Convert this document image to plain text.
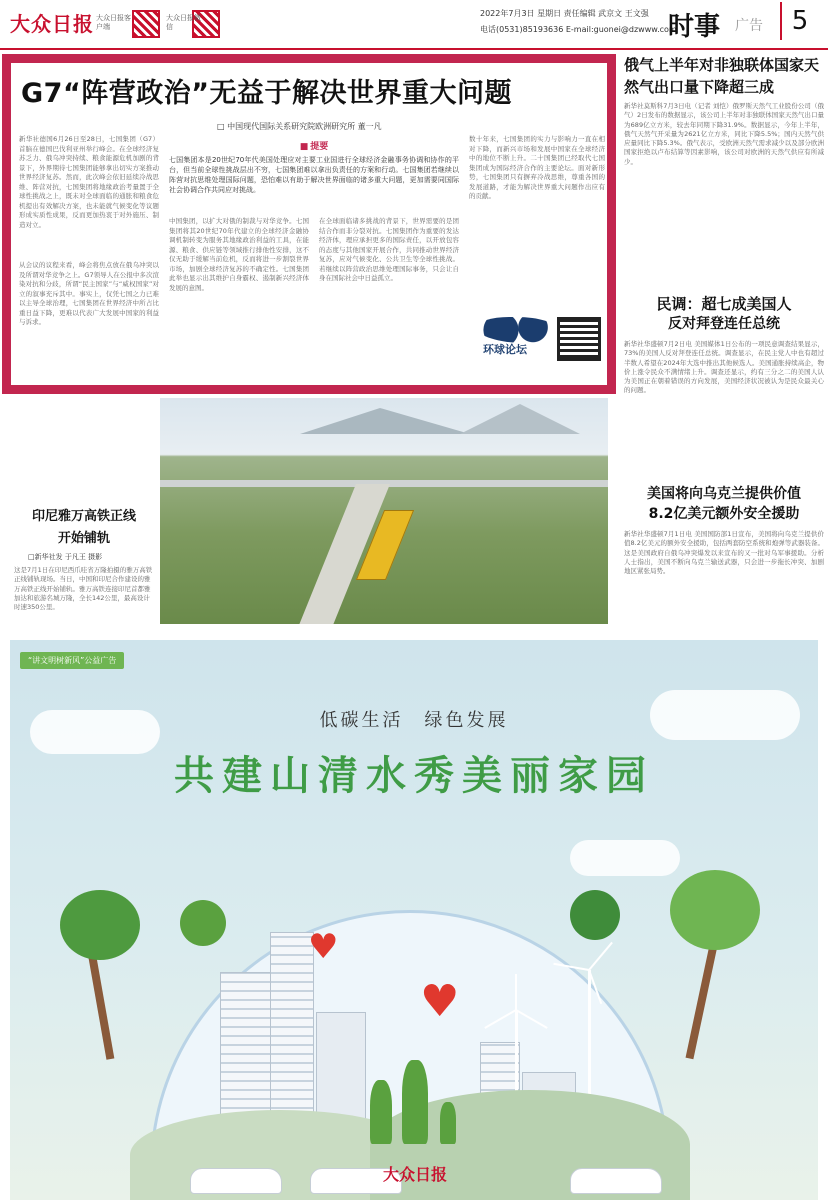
大众日报 大众日报客户端
大众日报微信
2022年7月3日 星期日 责任编辑 武京文 王文强
电话(0531)85193636 E-mail:guonei@dzwww.com
时事 广告	5
G7“阵营政治”无益于解决世界重大问题
□ 中国现代国际关系研究院欧洲研究所 董一凡
■ 提要
七国集团本是20世纪70年代美国处理应对主要工业国进行全球经济金融事务协调和协作的平台，但当前全球性挑战层出不穷，七国集团难以拿出负责任的方案和行动。七国集团若继续以阵营对抗思维处理国际问题，恐怕难以有助于解决世界面临的诸多重大问题，更加需要同国际社会协调合作共同应对挑战。
新华社德国6月26日至28日，七国集团（G7）首脑在德国巴伐利亚州举行峰会。在全球经济复苏乏力、俄乌冲突持续、粮食能源危机加剧的背景下，外界期待七国集团能够拿出切实方案推动世界经济复苏。然而，此次峰会依旧延续冷战思维、阵营对抗，七国集团将地缘政治考量置于全球性挑战之上，既未对全球面临的通胀和粮食危机提出有效解决方案，也未能就气候变化等议题形成实质性成果，反而更加热衷于对外施压、制造对立。
从会议的议程来看，峰会将焦点放在俄乌冲突以及所谓对华竞争之上。G7领导人在公报中多次渲染对抗和分歧，所谓“民主国家”与“威权国家”对立的叙事充斥其中。事实上，仅凭七国之力已难以主导全球治理，七国集团在世界经济中所占比重日益下降，更难以代表广大发展中国家的利益与诉求。
中国集团，以扩大对俄的制裁与对华竞争。七国集团将其20世纪70年代建立的全球经济金融协调机制转变为服务其地缘政治利益的工具，在能源、粮食、供应链等领域推行排他性安排，这不仅无助于缓解当前危机，反而将进一步割裂世界市场，加剧全球经济复苏的不确定性。七国集团此举也显示出其维护自身霸权、遏制新兴经济体发展的意图。
在全球面临诸多挑战的背景下，世界需要的是团结合作而非分裂对抗。七国集团作为重要的发达经济体，理应承担更多的国际责任，以开放包容的态度与其他国家开展合作，共同推动世界经济复苏，应对气候变化、公共卫生等全球性挑战。若继续以阵营政治思维处理国际事务，只会让自身在国际社会中日益孤立。
数十年来，七国集团的实力与影响力一直在相对下降，而新兴市场和发展中国家在全球经济中的地位不断上升。二十国集团已经取代七国集团成为国际经济合作的主要论坛。面对新形势，七国集团只有摒弃冷战思维，尊重各国的发展道路，才能为解决世界重大问题作出应有的贡献。
环球论坛
俄气上半年对非独联体国家天然气出口量下降超三成
新华社莫斯科7月3日电（记者 刘恺）俄罗斯天然气工业股份公司（俄气）2日发布的数据显示，该公司上半年对非独联体国家天然气出口量为689亿立方米，较去年同期下降31.9%。数据显示，今年上半年，俄气天然气开采量为2621亿立方米，同比下降5.5%；国内天然气供应量同比下降5.3%。俄气表示，受欧洲天然气需求减少以及部分欧洲国家拒绝以卢布结算等因素影响，该公司对欧洲的天然气供应有所减少。
民调：超七成美国人
反对拜登连任总统
新华社华盛顿7月2日电 美国媒体1日公布的一项民意调查结果显示，73%的美国人反对拜登连任总统。调查显示，在民主党人中也有超过半数人希望在2024年大选中推出其他候选人。美国通胀持续高企，物价上涨令民众不满情绪上升。调查还显示，约有三分之二的美国人认为美国正在朝着错误的方向发展，美国经济状况被认为是民众最关心的问题。
美国将向乌克兰提供价值
8.2亿美元额外安全援助
新华社华盛顿7月1日电 美国国防部1日宣布，美国将向乌克兰提供价值8.2亿美元的额外安全援助，包括两套防空系统和炮弹等武器装备。这是美国政府自俄乌冲突爆发以来宣布的又一批对乌军事援助。分析人士指出，美国不断向乌克兰输送武器，只会进一步拖长冲突、加剧地区紧张局势。
印尼雅万高铁正线
开始铺轨
□新华社发 于凡王 摄影
这是7月1日在印尼西爪哇省万隆拍摄的雅万高铁正线铺轨现场。当日，中国和印尼合作建设的雅万高铁正线开始铺轨。雅万高铁连接印尼首都雅加达和旅游名城万隆，全长142公里，最高设计时速350公里。
“讲文明树新风”公益广告
低碳生活　绿色发展
共建山清水秀美丽家园
♥
♥
大众日报
